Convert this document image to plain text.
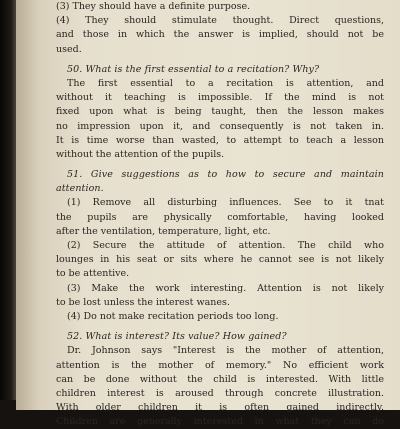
(3) They should have a definite purpose.
(4) They should stimulate thought. Direct questions,
and those in which the answer is implied, should not be
used.
50. What is the first essential to a recitation? Why?
The first essential to a recitation is attention, and
without it teaching is impossible. If the mind is not
fixed upon what is being taught, then the lesson makes
no impression upon it, and consequently is not taken in.
It is time worse than wasted, to attempt to teach a lesson
without the attention of the pupils.
51. Give suggestions as to how to secure and maintain
attention.
(1) Remove all disturbing influences. See to it tnat
the pupils are physically comfortable, having looked
after the ventilation, temperature, light, etc.
(2) Secure the attitude of attention. The child who
lounges in his seat or sits where he cannot see is not likely
to be attentive.
(3) Make the work interesting. Attention is not likely
to be lost unless the interest wanes.
(4) Do not make recitation periods too long.
52. What is interest? Its value? How gained?
Dr. Johnson says "Interest is the mother of attention,
attention is the mother of memory." No efficient work
can be done without the child is interested. With little
children interest is aroused through concrete illustration.
With older children it is often gained indirectly.
Children are generally interested in what they can do
